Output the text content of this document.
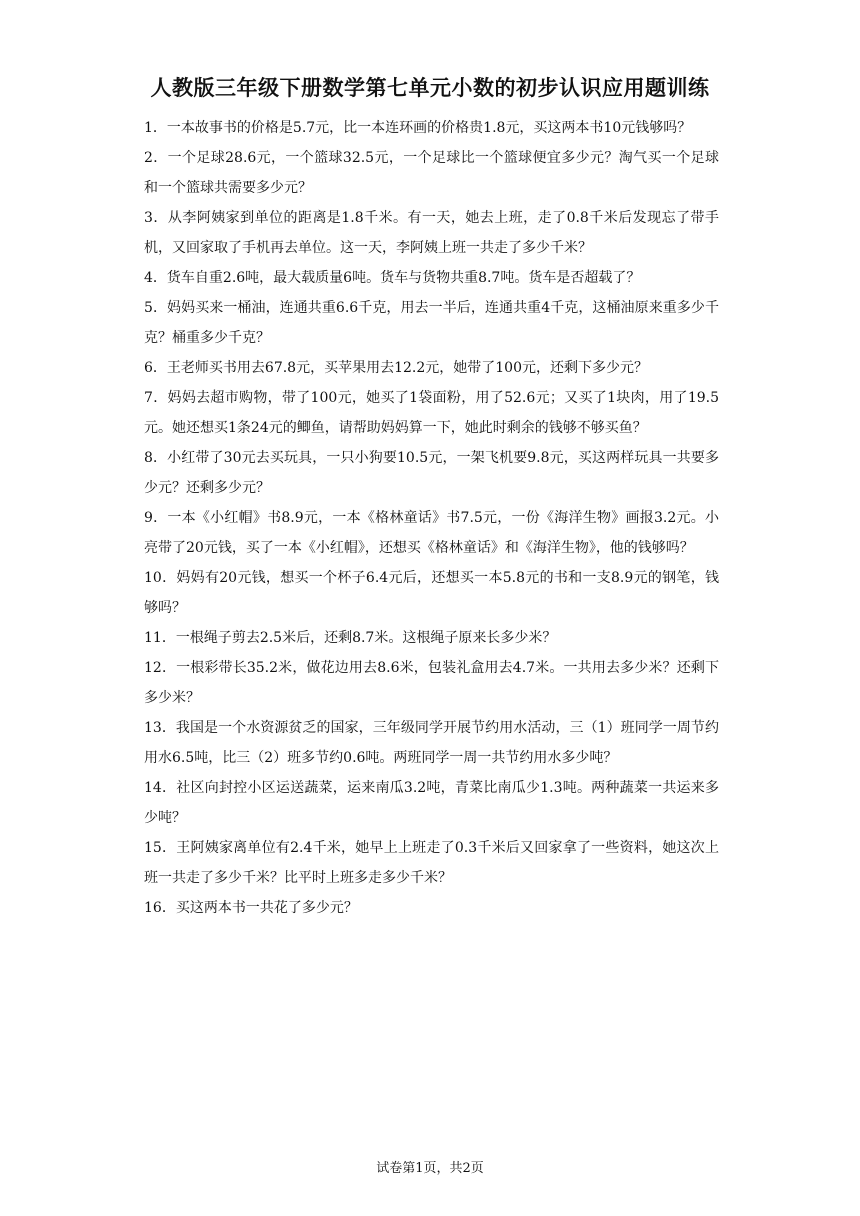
人教版三年级下册数学第七单元小数的初步认识应用题训练

1．一本故事书的价格是5.7元，比一本连环画的价格贵1.8元，买这两本书10元钱够吗？

2．一个足球28.6元，一个篮球32.5元，一个足球比一个篮球便宜多少元？淘气买一个足球和一个篮球共需要多少元？

3．从李阿姨家到单位的距离是1.8千米。有一天，她去上班，走了0.8千米后发现忘了带手机，又回家取了手机再去单位。这一天，李阿姨上班一共走了多少千米？

4．货车自重2.6吨，最大载质量6吨。货车与货物共重8.7吨。货车是否超载了？

5．妈妈买来一桶油，连通共重6.6千克，用去一半后，连通共重4千克，这桶油原来重多少千克？桶重多少千克？

6．王老师买书用去67.8元，买苹果用去12.2元，她带了100元，还剩下多少元？

7．妈妈去超市购物，带了100元，她买了1袋面粉，用了52.6元；又买了1块肉，用了19.5元。她还想买1条24元的鲫鱼，请帮助妈妈算一下，她此时剩余的钱够不够买鱼？

8．小红带了30元去买玩具，一只小狗要10.5元，一架飞机要9.8元，买这两样玩具一共要多少元？还剩多少元？

9．一本《小红帽》书8.9元，一本《格林童话》书7.5元，一份《海洋生物》画报3.2元。小亮带了20元钱，买了一本《小红帽》，还想买《格林童话》和《海洋生物》，他的钱够吗？

10．妈妈有20元钱，想买一个杯子6.4元后，还想买一本5.8元的书和一支8.9元的钢笔，钱够吗？

11．一根绳子剪去2.5米后，还剩8.7米。这根绳子原来长多少米？

12．一根彩带长35.2米，做花边用去8.6米，包装礼盒用去4.7米。一共用去多少米？还剩下多少米？

13．我国是一个水资源贫乏的国家，三年级同学开展节约用水活动，三（1）班同学一周节约用水6.5吨，比三（2）班多节约0.6吨。两班同学一周一共节约用水多少吨？

14．社区向封控小区运送蔬菜，运来南瓜3.2吨，青菜比南瓜少1.3吨。两种蔬菜一共运来多少吨？

15．王阿姨家离单位有2.4千米，她早上上班走了0.3千米后又回家拿了一些资料，她这次上班一共走了多少千米？比平时上班多走多少千米？

16．买这两本书一共花了多少元？

试卷第1页，共2页
